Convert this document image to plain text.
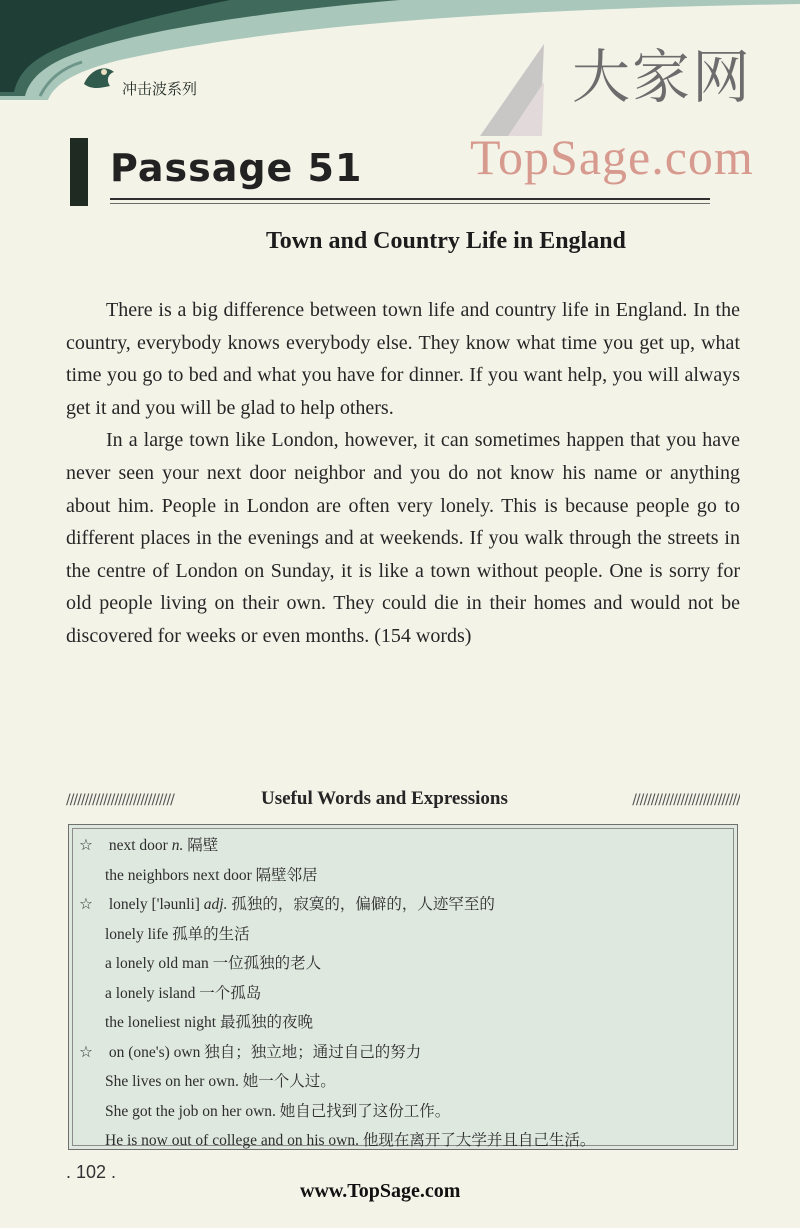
冲击波系列	大家网
TopSage.com
Passage 51
Town and Country Life in England

There is a big difference between town life and country life in England. In the country, everybody knows everybody else. They know what time you get up, what time you go to bed and what you have for dinner. If you want help, you will always get it and you will be glad to help others.

In a large town like London, however, it can sometimes happen that you have never seen your next door neighbor and you do not know his name or anything about him. People in London are often very lonely. This is because people go to different places in the evenings and at weekends. If you walk through the streets in the centre of London on Sunday, it is like a town without people. One is sorry for old people living on their own. They could die in their homes and would not be discovered for weeks or even months. (154 words)

/////////////////////////////	Useful Words and Expressions	/////////////////////////////
☆ next door n. 隔壁
the neighbors next door 隔壁邻居
☆ lonely ['ləunli] adj. 孤独的，寂寞的，偏僻的，人迹罕至的
lonely life 孤单的生活
a lonely old man 一位孤独的老人
a lonely island 一个孤岛
the loneliest night 最孤独的夜晚
☆ on (one's) own 独自；独立地；通过自己的努力
She lives on her own. 她一个人过。
She got the job on her own. 她自己找到了这份工作。
He is now out of college and on his own. 他现在离开了大学并且自己生活。
. 102 .
www.TopSage.com
